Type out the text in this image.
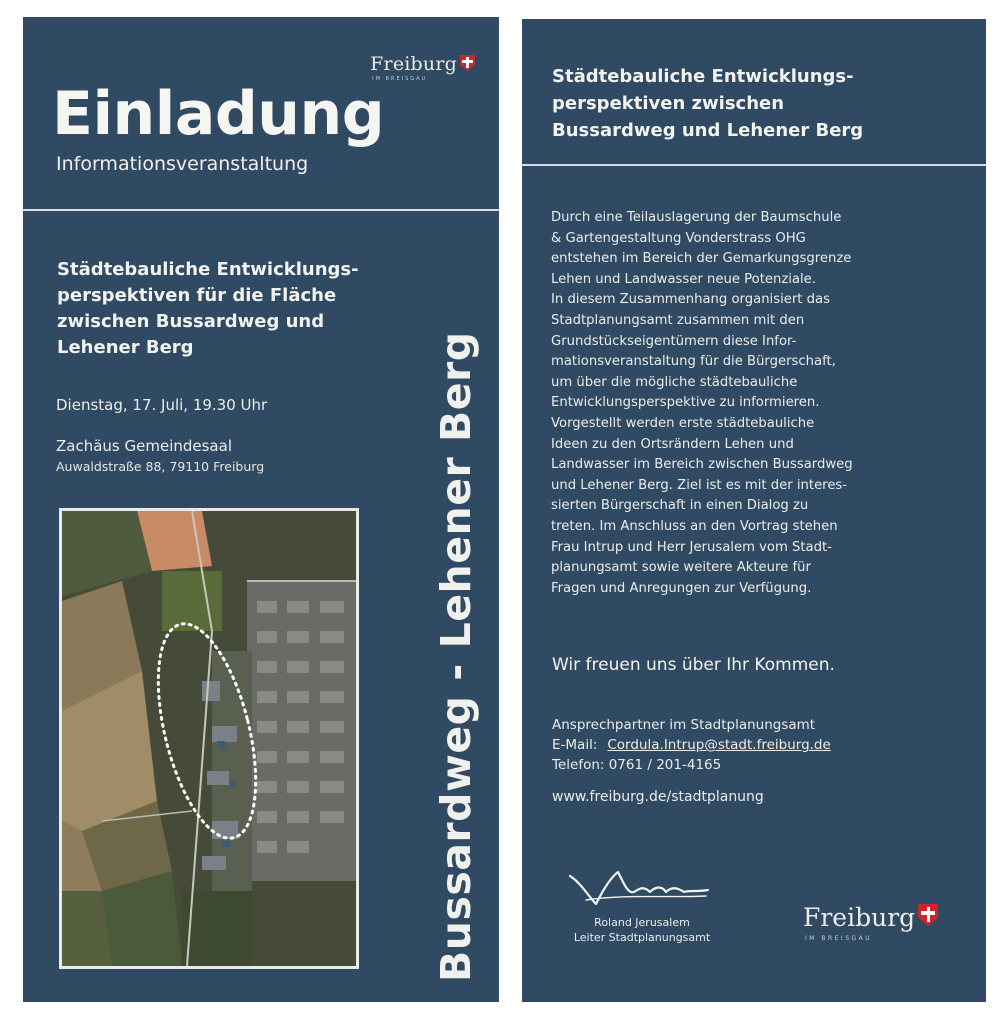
Freiburg
IM BREISGAU
Einladung
Informationsveranstaltung
Städtebauliche Entwicklungs-
perspektiven für die Fläche
zwischen Bussardweg und
Lehener Berg
Dienstag, 17. Juli, 19.30 Uhr
Zachäus Gemeindesaal
Auwaldstraße 88, 79110 Freiburg	Bussardweg - Lehener Berg
Städtebauliche Entwicklungs-
perspektiven zwischen
Bussardweg und Lehener Berg
Durch eine Teilauslagerung der Baumschule
& Gartengestaltung Vonderstrass OHG
entstehen im Bereich der Gemarkungsgrenze
Lehen und Landwasser neue Potenziale.
In diesem Zusammenhang organisiert das
Stadtplanungsamt zusammen mit den
Grundstückseigentümern diese Infor-
mationsveranstaltung für die Bürgerschaft,
um über die mögliche städtebauliche
Entwicklungsperspektive zu informieren.
Vorgestellt werden erste städtebauliche
Ideen zu den Ortsrändern Lehen und
Landwasser im Bereich zwischen Bussardweg
und Lehener Berg. Ziel ist es mit der interes-
sierten Bürgerschaft in einen Dialog zu
treten. Im Anschluss an den Vortrag stehen
Frau Intrup und Herr Jerusalem vom Stadt-
planungsamt sowie weitere Akteure für
Fragen und Anregungen zur Verfügung.
Wir freuen uns über Ihr Kommen.
Ansprechpartner im Stadtplanungsamt
E-Mail: Cordula.Intrup@stadt.freiburg.de
Telefon: 0761 / 201-4165
www.freiburg.de/stadtplanung
Roland Jerusalem
Leiter Stadtplanungsamt
Freiburg
IM BREISGAU
